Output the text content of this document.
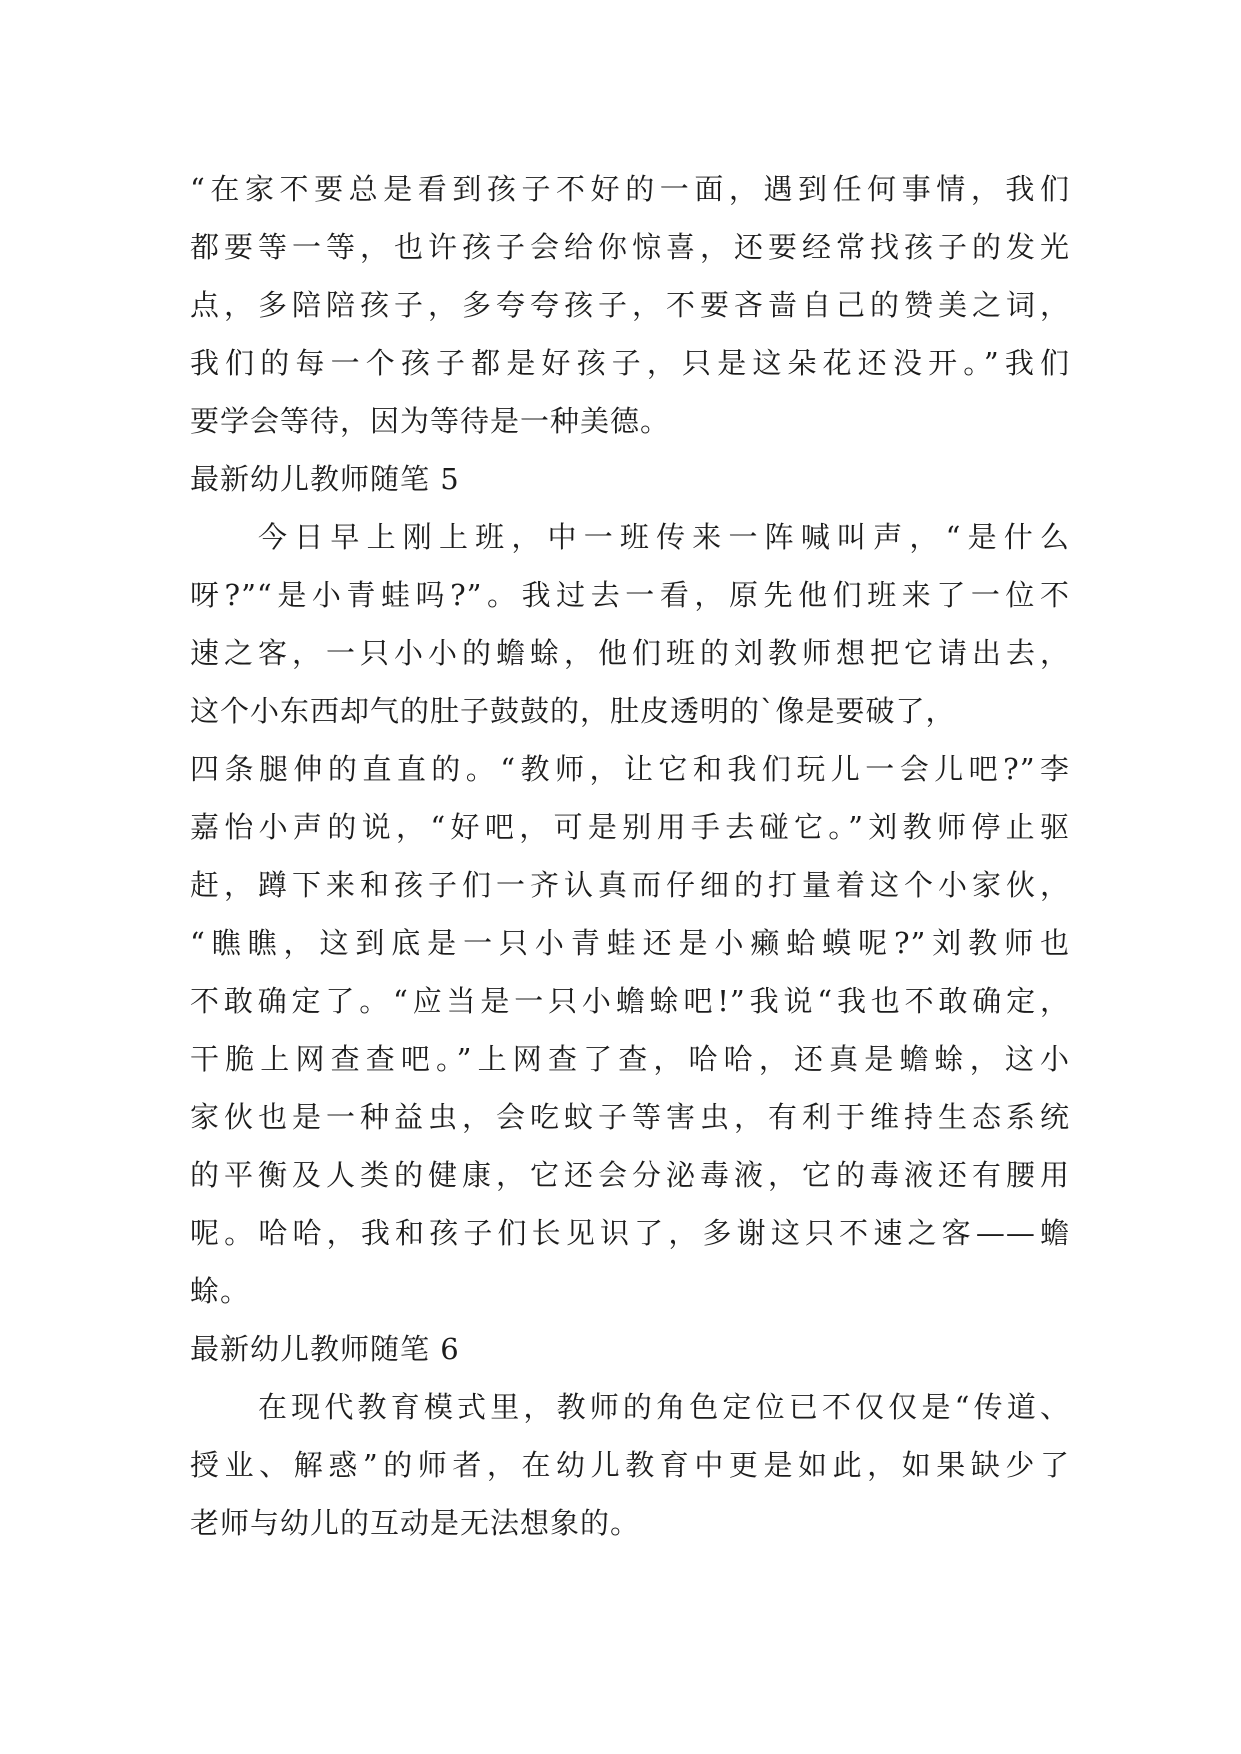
“在家不要总是看到孩子不好的一面，遇到任何事情，我们
都要等一等，也许孩子会给你惊喜，还要经常找孩子的发光
点，多陪陪孩子，多夸夸孩子，不要吝啬自己的赞美之词，
我们的每一个孩子都是好孩子，只是这朵花还没开。”我们
要学会等待，因为等待是一种美德。
最新幼儿教师随笔 5
今日早上刚上班，中一班传来一阵喊叫声，“是什么
呀?”“是小青蛙吗?”。我过去一看，原先他们班来了一位不
速之客，一只小小的蟾蜍，他们班的刘教师想把它请出去，
这个小东西却气的肚子鼓鼓的，肚皮透明的`像是要破了，
四条腿伸的直直的。“教师，让它和我们玩儿一会儿吧?”李
嘉怡小声的说，“好吧，可是别用手去碰它。”刘教师停止驱
赶，蹲下来和孩子们一齐认真而仔细的打量着这个小家伙，
“瞧瞧，这到底是一只小青蛙还是小癞蛤蟆呢?”刘教师也
不敢确定了。“应当是一只小蟾蜍吧!”我说“我也不敢确定，
干脆上网查查吧。”上网查了查，哈哈，还真是蟾蜍，这小
家伙也是一种益虫，会吃蚊子等害虫，有利于维持生态系统
的平衡及人类的健康，它还会分泌毒液，它的毒液还有腰用
呢。哈哈，我和孩子们长见识了，多谢这只不速之客——蟾
蜍。
最新幼儿教师随笔 6
在现代教育模式里，教师的角色定位已不仅仅是“传道、
授业、解惑”的师者，在幼儿教育中更是如此，如果缺少了
老师与幼儿的互动是无法想象的。
